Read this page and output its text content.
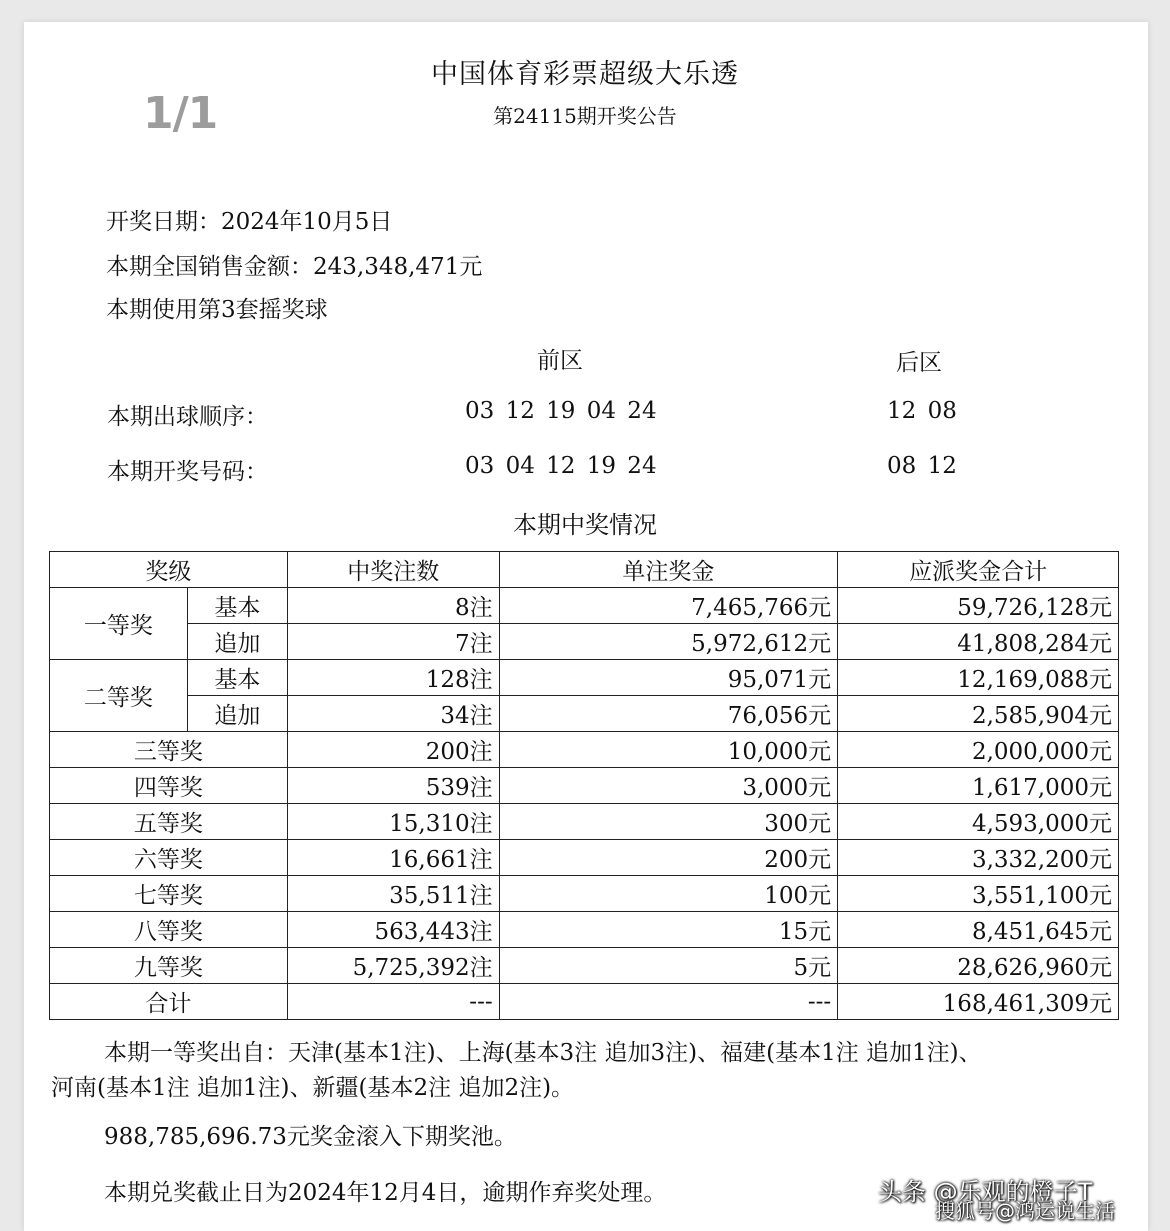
1/1
中国体育彩票超级大乐透
第24115期开奖公告
开奖日期：2024年10月5日
本期全国销售金额：243,348,471元
本期使用第3套摇奖球
前区	后区
本期出球顺序：	03 12 19 04 24	12 08
本期开奖号码：	03 04 12 19 24	08 12
本期中奖情况
奖级		中奖注数	单注奖金	应派奖金合计
一等奖	基本	8注	7,465,766元	59,726,128元
	追加	7注	5,972,612元	41,808,284元
二等奖	基本	128注	95,071元	12,169,088元
	追加	34注	76,056元	2,585,904元
三等奖		200注	10,000元	2,000,000元
四等奖		539注	3,000元	1,617,000元
五等奖		15,310注	300元	4,593,000元
六等奖		16,661注	200元	3,332,200元
七等奖		35,511注	100元	3,551,100元
八等奖		563,443注	15元	8,451,645元
九等奖		5,725,392注	5元	28,626,960元
合计		---	---	168,461,309元
本期一等奖出自：天津(基本1注)、上海(基本3注 追加3注)、福建(基本1注 追加1注)、
河南(基本1注 追加1注)、新疆(基本2注 追加2注)。
988,785,696.73元奖金滚入下期奖池。
本期兑奖截止日为2024年12月4日，逾期作弃奖处理。	头条 @乐观的橙子T
搜狐号@鸿运说生活
